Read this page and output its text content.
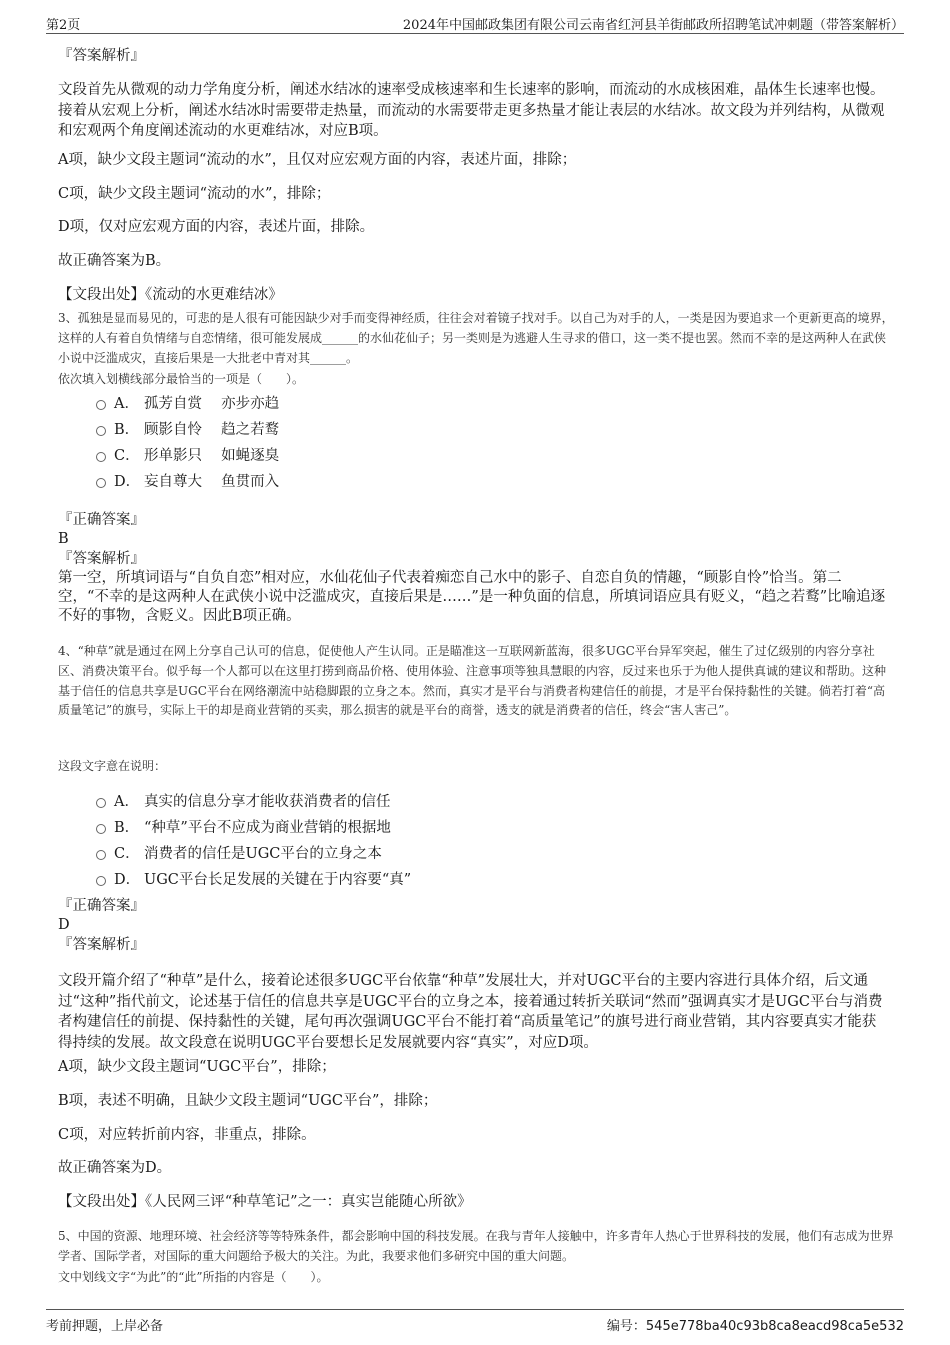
第2页	2024年中国邮政集团有限公司云南省红河县羊街邮政所招聘笔试冲刺题（带答案解析）
『答案解析』
文段首先从微观的动力学角度分析，阐述水结冰的速率受成核速率和生长速率的影响，而流动的水成核困难，晶体生长速率也慢。接着从宏观上分析，阐述水结冰时需要带走热量，而流动的水需要带走更多热量才能让表层的水结冰。故文段为并列结构，从微观和宏观两个角度阐述流动的水更难结冰，对应B项。
A项，缺少文段主题词“流动的水”，且仅对应宏观方面的内容，表述片面，排除；
C项，缺少文段主题词“流动的水”，排除；
D项，仅对应宏观方面的内容，表述片面，排除。
故正确答案为B。
【文段出处】《流动的水更难结冰》
3、孤独是显而易见的，可悲的是人很有可能因缺少对手而变得神经质，往往会对着镜子找对手。以自己为对手的人，一类是因为要追求一个更新更高的境界，这样的人有着自负情绪与自恋情绪，很可能发展成______的水仙花仙子；另一类则是为逃避人生寻求的借口，这一类不提也罢。然而不幸的是这两种人在武侠小说中泛滥成灾，直接后果是一大批老中青对其______。
依次填入划横线部分最恰当的一项是（　　）。
A． 孤芳自赏　 亦步亦趋
B． 顾影自怜　 趋之若鹜
C． 形单影只　 如蝇逐臭
D． 妄自尊大　 鱼贯而入
『正确答案』
B
『答案解析』
第一空，所填词语与“自负自恋”相对应，水仙花仙子代表着痴恋自己水中的影子、自恋自负的情趣，“顾影自怜”恰当。第二空，“不幸的是这两种人在武侠小说中泛滥成灾，直接后果是……”是一种负面的信息，所填词语应具有贬义，“趋之若鹜”比喻追逐不好的事物，含贬义。因此B项正确。
4、“种草”就是通过在网上分享自己认可的信息，促使他人产生认同。正是瞄准这一互联网新蓝海，很多UGC平台异军突起，催生了过亿级别的内容分享社区、消费决策平台。似乎每一个人都可以在这里打捞到商品价格、使用体验、注意事项等独具慧眼的内容，反过来也乐于为他人提供真诚的建议和帮助。这种基于信任的信息共享是UGC平台在网络潮流中站稳脚跟的立身之本。然而，真实才是平台与消费者构建信任的前提，才是平台保持黏性的关键。倘若打着“高质量笔记”的旗号，实际上干的却是商业营销的买卖，那么损害的就是平台的商誉，透支的就是消费者的信任，终会“害人害己”。
这段文字意在说明：
A． 真实的信息分享才能收获消费者的信任
B． “种草”平台不应成为商业营销的根据地
C． 消费者的信任是UGC平台的立身之本
D． UGC平台长足发展的关键在于内容要“真”
『正确答案』
D
『答案解析』
文段开篇介绍了“种草”是什么，接着论述很多UGC平台依靠“种草”发展壮大，并对UGC平台的主要内容进行具体介绍，后文通过“这种”指代前文，论述基于信任的信息共享是UGC平台的立身之本，接着通过转折关联词“然而”强调真实才是UGC平台与消费者构建信任的前提、保持黏性的关键，尾句再次强调UGC平台不能打着“高质量笔记”的旗号进行商业营销，其内容要真实才能获得持续的发展。故文段意在说明UGC平台要想长足发展就要内容“真实”，对应D项。
A项，缺少文段主题词“UGC平台”，排除；
B项，表述不明确，且缺少文段主题词“UGC平台”，排除；
C项，对应转折前内容，非重点，排除。
故正确答案为D。
【文段出处】《人民网三评“种草笔记”之一：真实岂能随心所欲》
5、中国的资源、地理环境、社会经济等等特殊条件，都会影响中国的科技发展。在我与青年人接触中，许多青年人热心于世界科技的发展，他们有志成为世界学者、国际学者，对国际的重大问题给予极大的关注。为此，我要求他们多研究中国的重大问题。
文中划线文字“为此”的“此”所指的内容是（　　）。
考前押题，上岸必备	编号：545e778ba40c93b8ca8eacd98ca5e532
